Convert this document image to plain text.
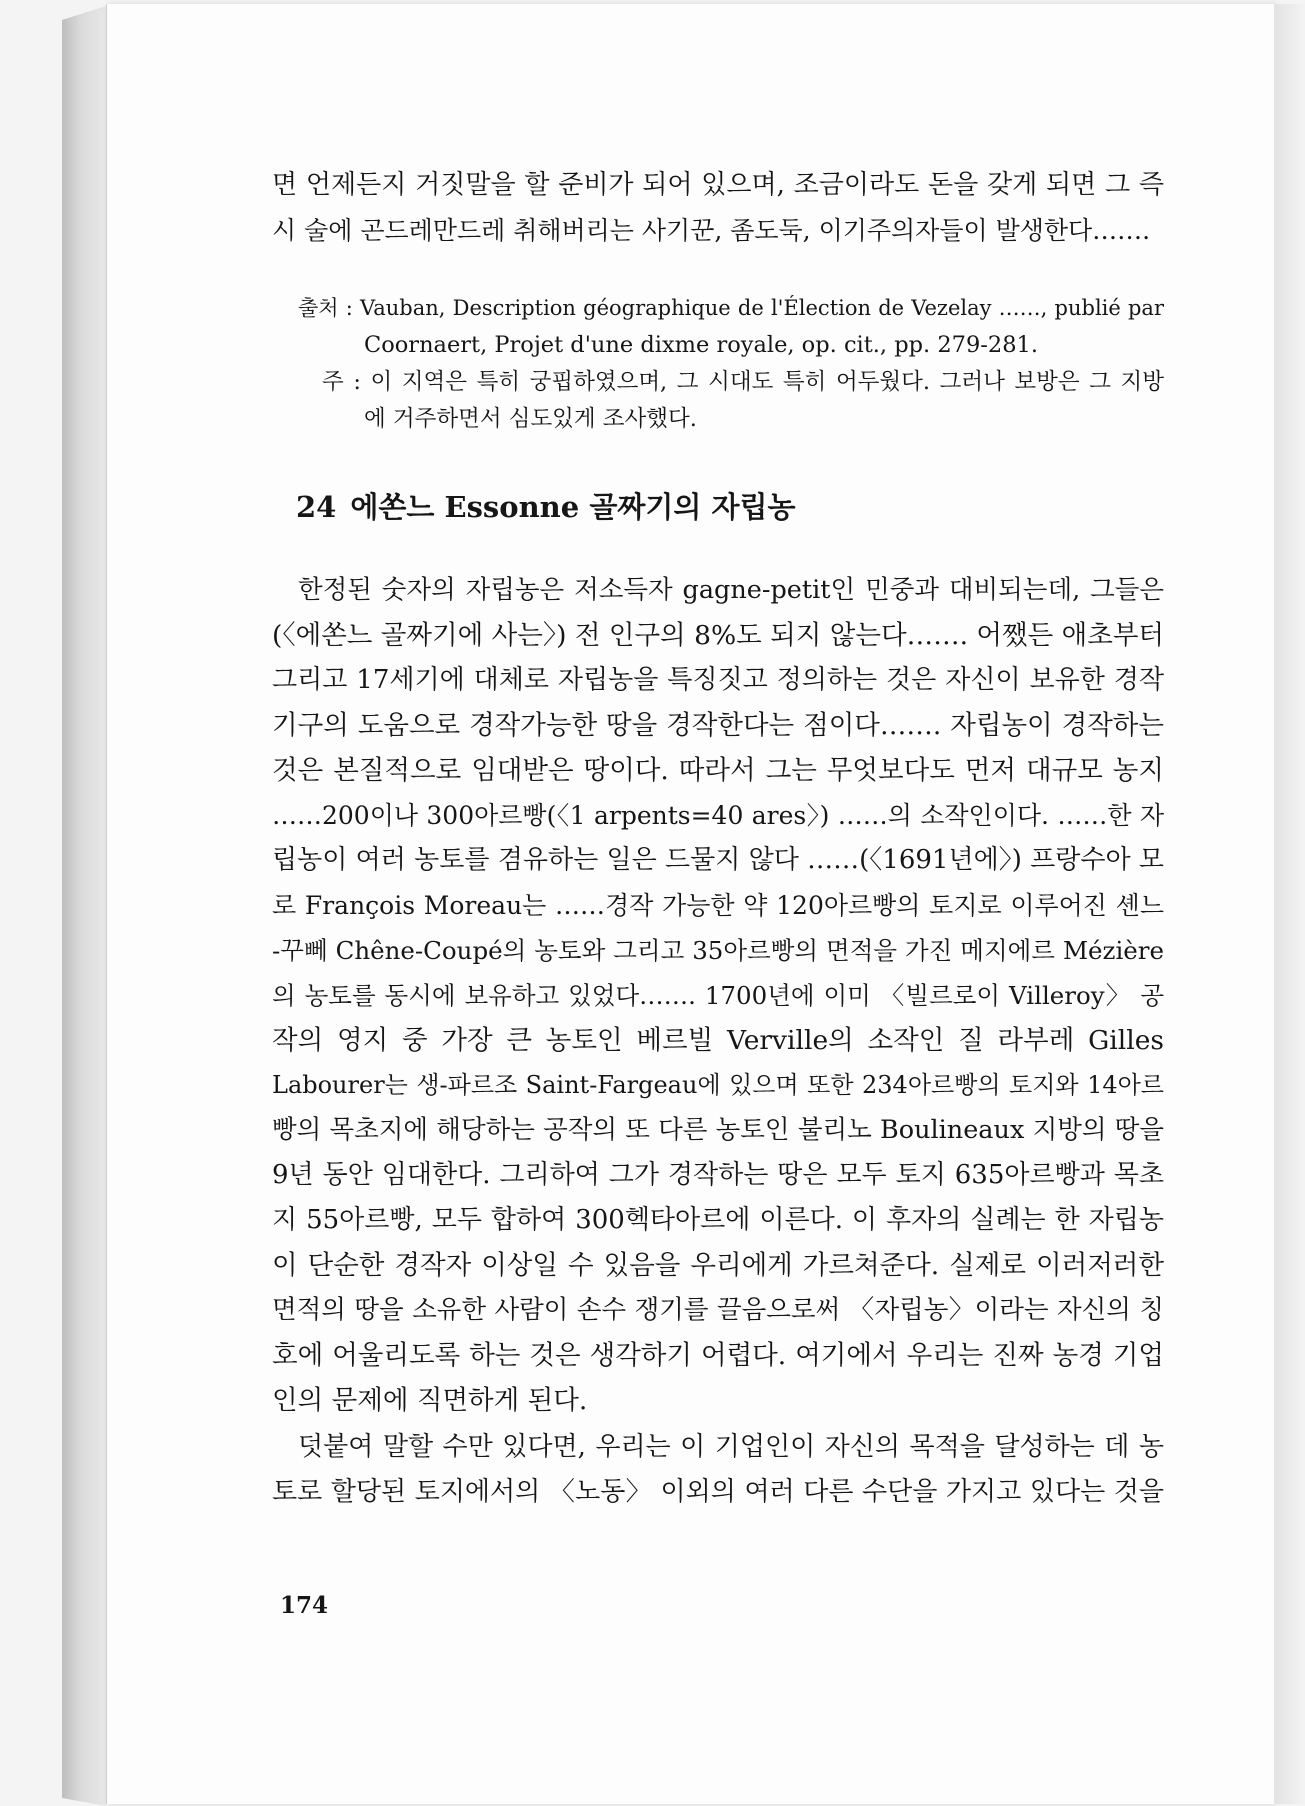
면 언제든지 거짓말을 할 준비가 되어 있으며, 조금이라도 돈을 갖게 되면 그 즉
시 술에 곤드레만드레 취해버리는 사기꾼, 좀도둑, 이기주의자들이 발생한다…….
출처 : Vauban, Description géographique de l'Élection de Vezelay ……, publié par
Coornaert, Projet d'une dixme royale, op. cit., pp. 279-281.
주 : 이 지역은 특히 궁핍하였으며, 그 시대도 특히 어두웠다. 그러나 보방은 그 지방
에 거주하면서 심도있게 조사했다.
24 에쏜느 Essonne 골짜기의 자립농
한정된 숫자의 자립농은 저소득자 gagne-petit인 민중과 대비되는데, 그들은
(〈에쏜느 골짜기에 사는〉) 전 인구의 8%도 되지 않는다……. 어쨌든 애초부터
그리고 17세기에 대체로 자립농을 특징짓고 정의하는 것은 자신이 보유한 경작
기구의 도움으로 경작가능한 땅을 경작한다는 점이다……. 자립농이 경작하는
것은 본질적으로 임대받은 땅이다. 따라서 그는 무엇보다도 먼저 대규모 농지
……200이나 300아르빵(〈1 arpents=40 ares〉) ……의 소작인이다. ……한 자
립농이 여러 농토를 겸유하는 일은 드물지 않다 ……(〈1691년에〉) 프랑수아 모
로 François Moreau는 ……경작 가능한 약 120아르빵의 토지로 이루어진 셴느
-꾸뻬 Chêne-Coupé의 농토와 그리고 35아르빵의 면적을 가진 메지에르 Mézière
의 농토를 동시에 보유하고 있었다……. 1700년에 이미 〈빌르로이 Villeroy〉 공
작의 영지 중 가장 큰 농토인 베르빌 Verville의 소작인 질 라부레 Gilles
Labourer는 생-파르조 Saint-Fargeau에 있으며 또한 234아르빵의 토지와 14아르
빵의 목초지에 해당하는 공작의 또 다른 농토인 불리노 Boulineaux 지방의 땅을
9년 동안 임대한다. 그리하여 그가 경작하는 땅은 모두 토지 635아르빵과 목초
지 55아르빵, 모두 합하여 300헥타아르에 이른다. 이 후자의 실례는 한 자립농
이 단순한 경작자 이상일 수 있음을 우리에게 가르쳐준다. 실제로 이러저러한
면적의 땅을 소유한 사람이 손수 쟁기를 끌음으로써 〈자립농〉이라는 자신의 칭
호에 어울리도록 하는 것은 생각하기 어렵다. 여기에서 우리는 진짜 농경 기업
인의 문제에 직면하게 된다.
덧붙여 말할 수만 있다면, 우리는 이 기업인이 자신의 목적을 달성하는 데 농
토로 할당된 토지에서의 〈노동〉 이외의 여러 다른 수단을 가지고 있다는 것을
174
